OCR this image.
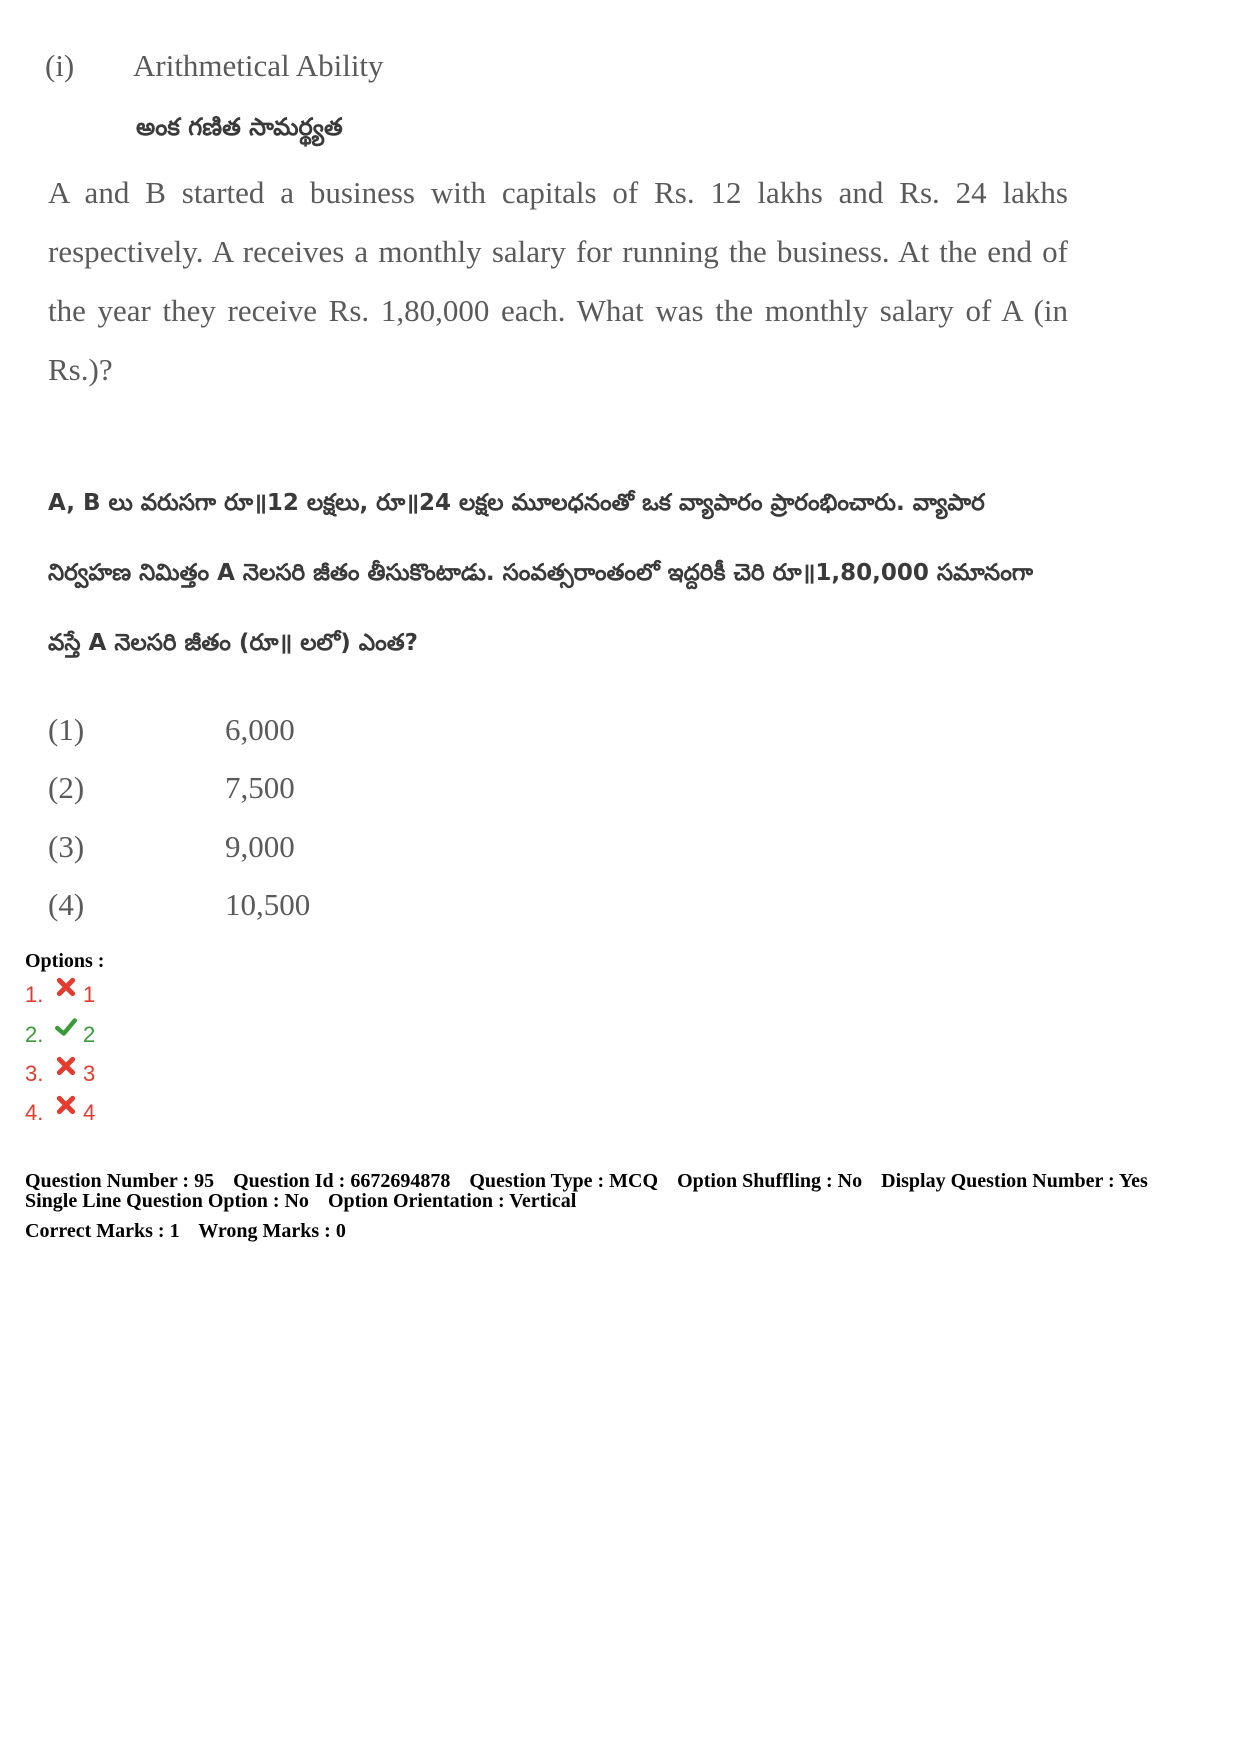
(i) Arithmetical Ability
అంక గణిత సామర్థ్యత
A and B started a business with capitals of Rs. 12 lakhs and Rs. 24 lakhs respectively. A receives a monthly salary for running the business. At the end of the year they receive Rs. 1,80,000 each. What was the monthly salary of A (in Rs.)?
A, B లు వరుసగా రూ॥12 లక్షలు, రూ॥24 లక్షల మూలధనంతో ఒక వ్యాపారం ప్రారంభించారు. వ్యాపార నిర్వహణ నిమిత్తం A నెలసరి జీతం తీసుకొంటాడు. సంవత్సరాంతంలో ఇద్దరికీ చెరి రూ॥1,80,000 సమానంగా వస్తే A నెలసరి జీతం (రూ॥ లలో) ఎంత?
(1)	6,000
(2)	7,500
(3)	9,000
(4)	10,500
Options :
1. 1
2. 2
3. 3
4. 4
Question Number : 95 Question Id : 6672694878 Question Type : MCQ Option Shuffling : No Display Question Number : Yes
Single Line Question Option : No Option Orientation : Vertical
Correct Marks : 1 Wrong Marks : 0
